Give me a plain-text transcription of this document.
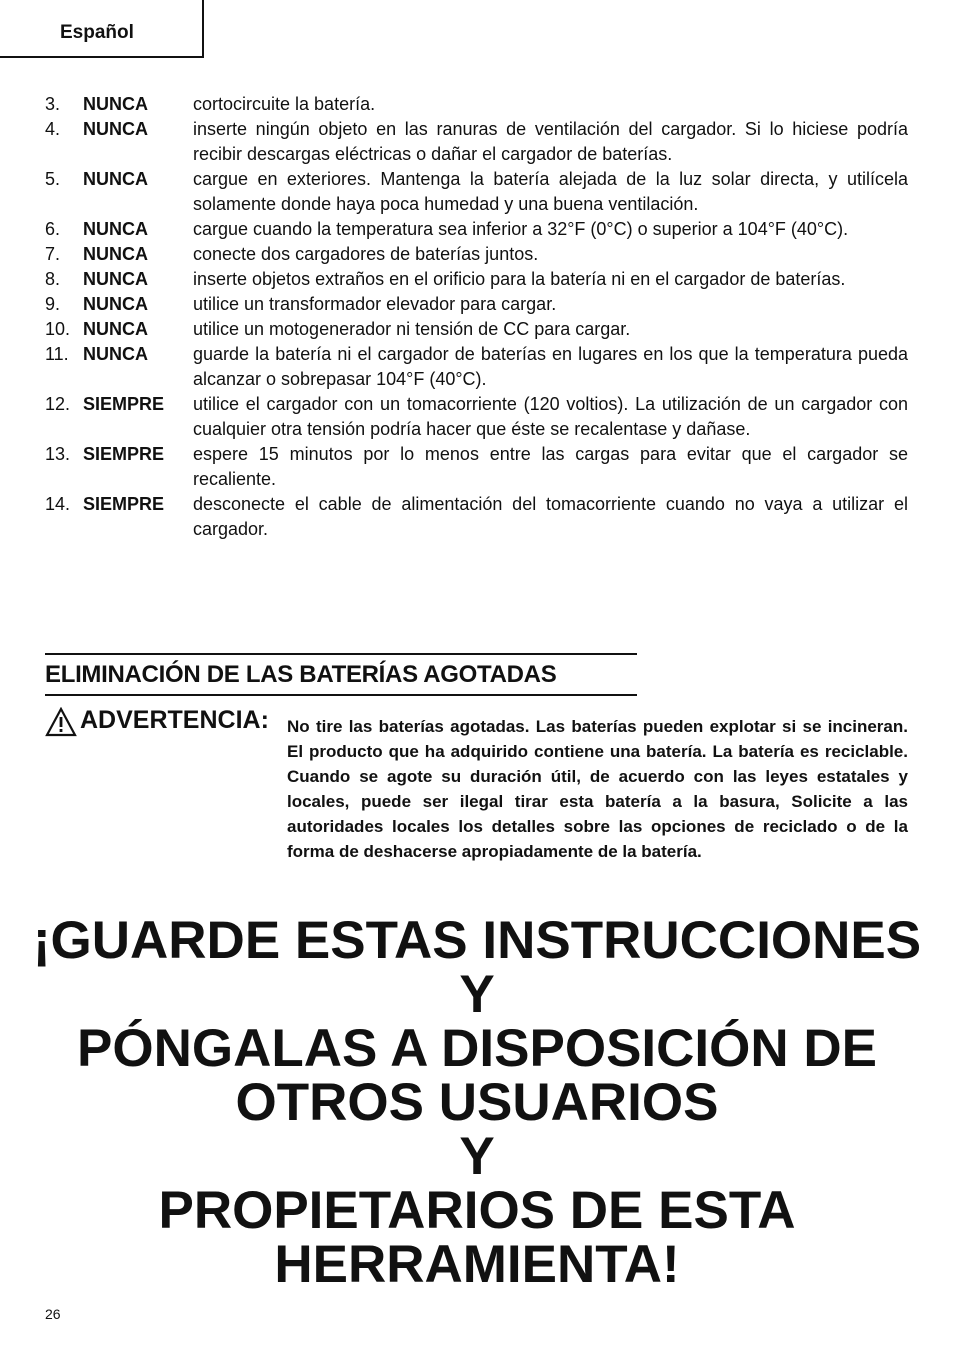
Español
3. NUNCA	cortocircuite la batería.
4. NUNCA	inserte ningún objeto en las ranuras de ventilación del cargador. Si lo hiciese podría recibir descargas eléctricas o dañar el cargador de baterías.
5. NUNCA	cargue en exteriores. Mantenga la batería alejada de la luz solar directa, y utilícela solamente donde haya poca humedad y una buena ventilación.
6. NUNCA	cargue cuando la temperatura sea inferior a 32°F (0°C) o superior a 104°F (40°C).
7. NUNCA	conecte dos cargadores de baterías juntos.
8. NUNCA	inserte objetos extraños en el orificio para la batería ni en el cargador de baterías.
9. NUNCA	utilice un transformador elevador para cargar.
10. NUNCA	utilice un motogenerador ni tensión de CC para cargar.
11. NUNCA	guarde la batería ni el cargador de baterías en lugares en los que la temperatura pueda alcanzar o sobrepasar 104°F (40°C).
12. SIEMPRE utilice el cargador con un tomacorriente (120 voltios). La utilización de un cargador con cualquier otra tensión podría hacer que éste se recalentase y dañase.
13. SIEMPRE espere 15 minutos por lo menos entre las cargas para evitar que el cargador se recaliente.
14. SIEMPRE desconecte el cable de alimentación del tomacorriente cuando no vaya a utilizar el cargador.
ELIMINACIÓN DE LAS BATERÍAS AGOTADAS
ADVERTENCIA: No tire las baterías agotadas. Las baterías pueden explotar si se incineran. El producto que ha adquirido contiene una batería. La batería es reciclable. Cuando se agote su duración útil, de acuerdo con las leyes estatales y locales, puede ser ilegal tirar esta batería a la basura, Solicite a las autoridades locales los detalles sobre las opciones de reciclado o de la forma de deshacerse apropiadamente de la batería.
¡GUARDE ESTAS INSTRUCCIONES
Y
PÓNGALAS A DISPOSICIÓN DE
OTROS USUARIOS
Y
PROPIETARIOS DE ESTA
HERRAMIENTA!
26
